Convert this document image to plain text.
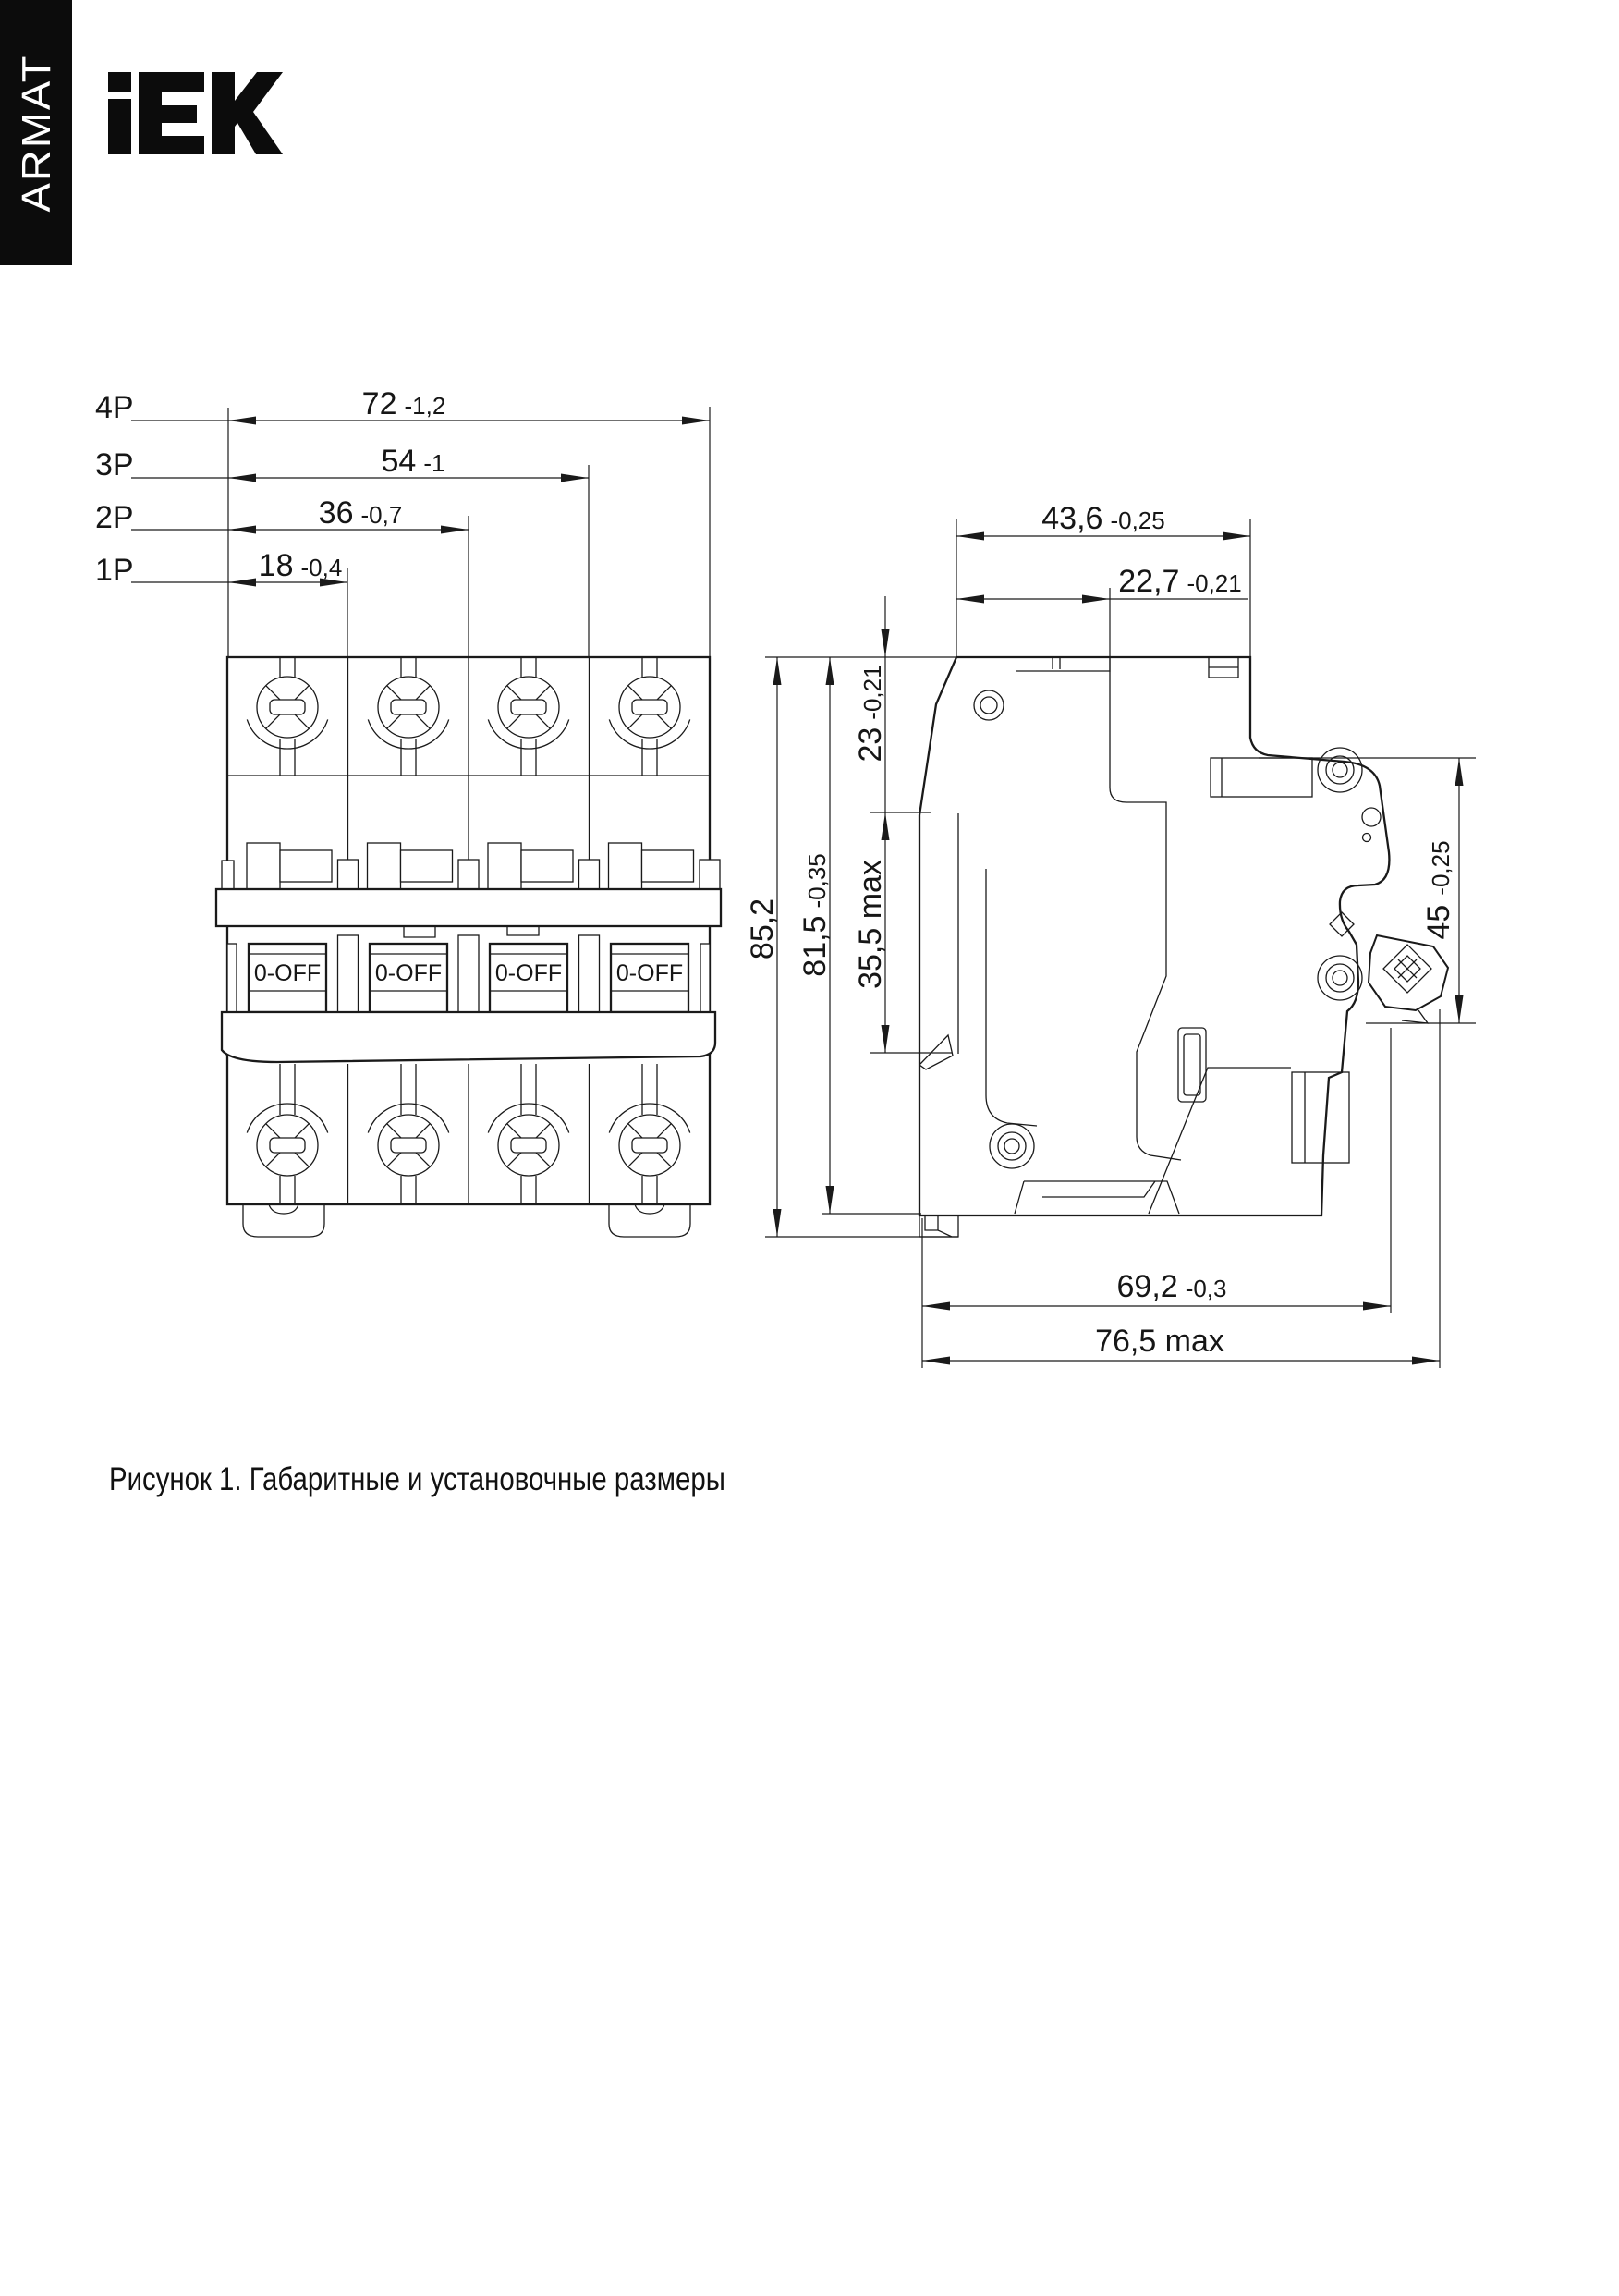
ARMAT
0-OFF 0-OFF 0-OFF 0-OFF
4P	72 -1,2
3P	54 -1
2P	36 -0,7
1P	18 -0,4
43,6 -0,25
22,7 -0,21
23-0,21
35,5 max
85,2 81,5-0,35
45-0,25
69,2 -0,3
76,5 max
Рисунок 1. Габаритные и установочные размеры
